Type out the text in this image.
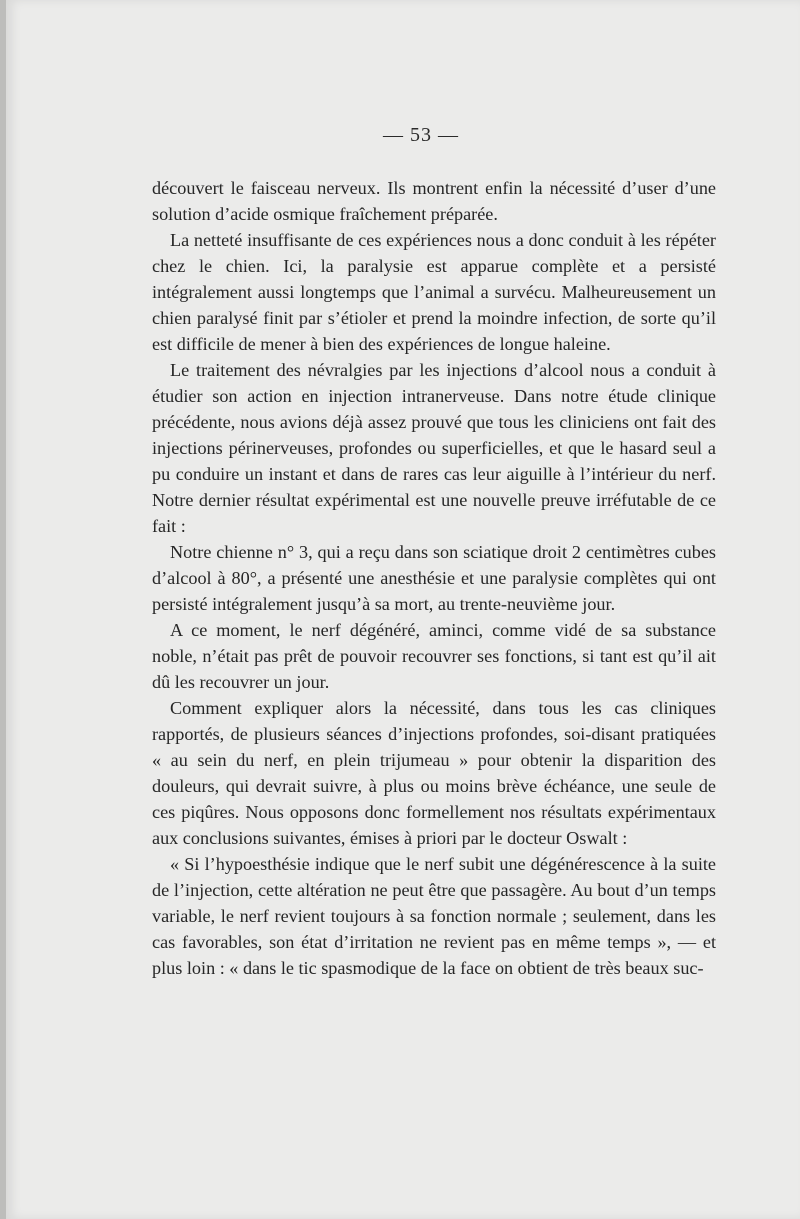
— 53 —

découvert le faisceau nerveux. Ils montrent enfin la nécessité d’user d’une solution d’acide osmique fraîchement préparée.

La netteté insuffisante de ces expériences nous a donc conduit à les répéter chez le chien. Ici, la paralysie est apparue complète et a persisté intégralement aussi longtemps que l’animal a survécu. Malheureusement un chien paralysé finit par s’étioler et prend la moindre infection, de sorte qu’il est difficile de mener à bien des expériences de longue haleine.

Le traitement des névralgies par les injections d’alcool nous a conduit à étudier son action en injection intranerveuse. Dans notre étude clinique précédente, nous avions déjà assez prouvé que tous les cliniciens ont fait des injections périnerveuses, profondes ou superficielles, et que le hasard seul a pu conduire un instant et dans de rares cas leur aiguille à l’intérieur du nerf. Notre dernier résultat expérimental est une nouvelle preuve irréfutable de ce fait :

Notre chienne n° 3, qui a reçu dans son sciatique droit 2 centimètres cubes d’alcool à 80°, a présenté une anesthésie et une paralysie complètes qui ont persisté intégralement jusqu’à sa mort, au trente-neuvième jour.

A ce moment, le nerf dégénéré, aminci, comme vidé de sa substance noble, n’était pas prêt de pouvoir recouvrer ses fonctions, si tant est qu’il ait dû les recouvrer un jour.

Comment expliquer alors la nécessité, dans tous les cas cliniques rapportés, de plusieurs séances d’injections profondes, soi-disant pratiquées « au sein du nerf, en plein trijumeau » pour obtenir la disparition des douleurs, qui devrait suivre, à plus ou moins brève échéance, une seule de ces piqûres. Nous opposons donc formellement nos résultats expérimentaux aux conclusions suivantes, émises à priori par le docteur Oswalt :

« Si l’hypoesthésie indique que le nerf subit une dégénérescence à la suite de l’injection, cette altération ne peut être que passagère. Au bout d’un temps variable, le nerf revient toujours à sa fonction normale ; seulement, dans les cas favorables, son état d’irritation ne revient pas en même temps », — et plus loin : « dans le tic spasmodique de la face on obtient de très beaux suc-
